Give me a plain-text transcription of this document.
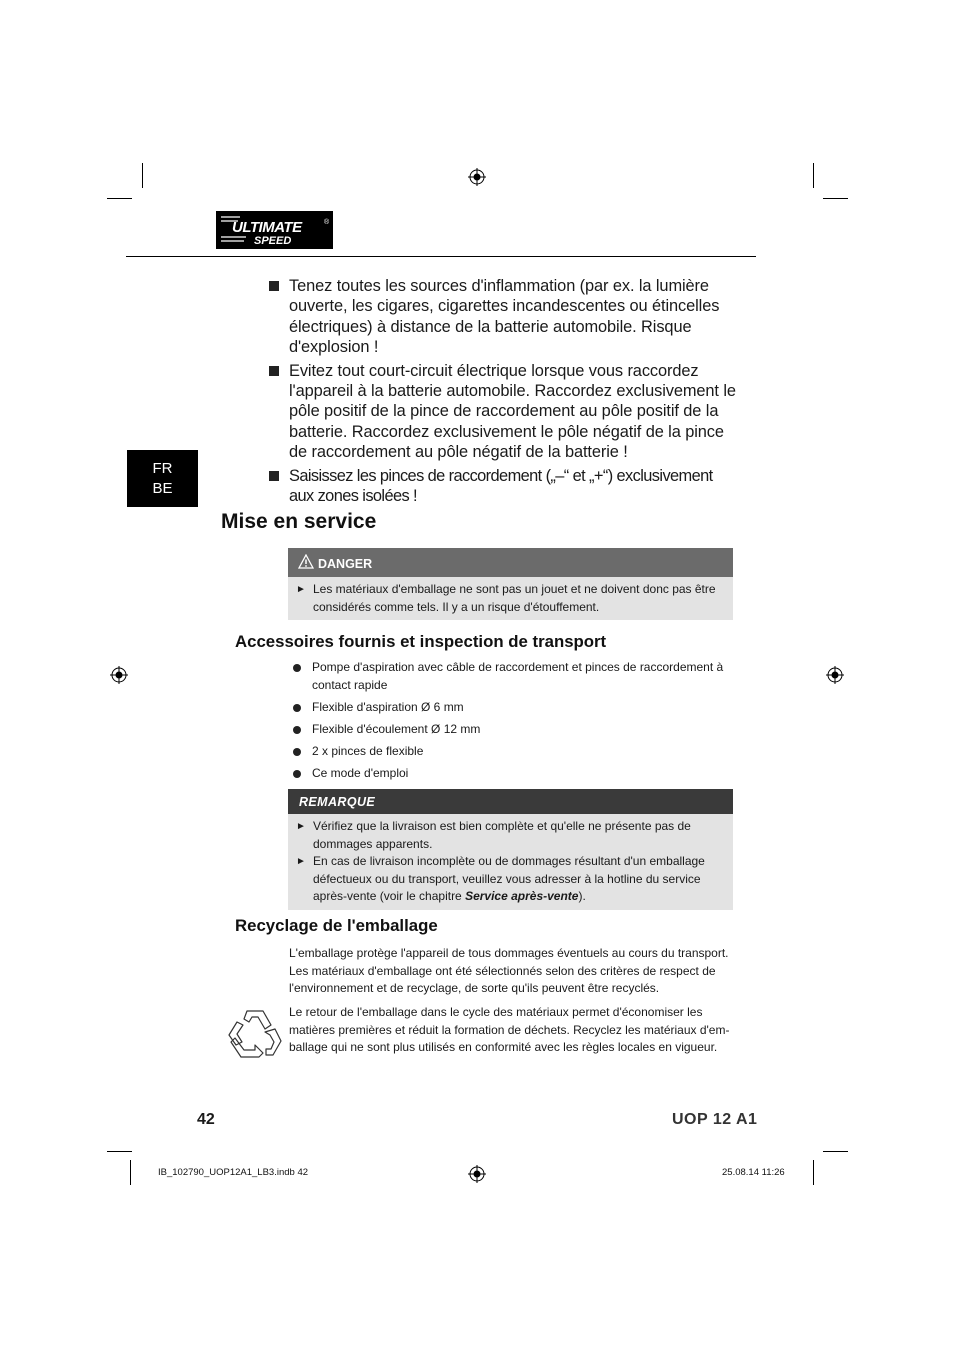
ULTIMATE
SPEED
®
FR
BE
Tenez toutes les sources d'inflammation (par ex. la lumière ouverte, les cigares, cigarettes incandescentes ou étincelles électriques) à distance de la batterie automobile. Risque d'explosion !
Evitez tout court-circuit électrique lorsque vous raccordez l'appareil à la batterie automobile. Raccordez exclusivement le pôle positif de la pince de raccordement au pôle positif de la batterie. Raccordez exclusivement le pôle négatif de la pince de raccordement au pôle négatif de la batterie !
Saisissez les pinces de raccordement („–“ et „+“) exclusivement aux zones isolées !
Mise en service
DANGER
► Les matériaux d'emballage ne sont pas un jouet et ne doivent donc pas être considérés comme tels. Il y a un risque d'étouffement.
Accessoires fournis et inspection de transport
Pompe d'aspiration avec câble de raccordement et pinces de raccordement à contact rapide
Flexible d'aspiration Ø 6 mm
Flexible d'écoulement Ø 12 mm
2 x pinces de flexible
Ce mode d'emploi
REMARQUE
► Vérifiez que la livraison est bien complète et qu'elle ne présente pas de dommages apparents.
► En cas de livraison incomplète ou de dommages résultant d'un emballage défectueux ou du transport, veuillez vous adresser à la hotline du service après-vente (voir le chapitre Service après-vente).
Recyclage de l'emballage
L'emballage protège l'appareil de tous dommages éventuels au cours du transport. Les matériaux d'emballage ont été sélectionnés selon des critères de respect de l'environnement et de recyclage, de sorte qu'ils peuvent être recyclés.
Le retour de l'emballage dans le cycle des matériaux permet d'économiser les matières premières et réduit la formation de déchets. Recyclez les matériaux d'em-ballage qui ne sont plus utilisés en conformité avec les règles locales en vigueur.
42	UOP 12 A1
IB_102790_UOP12A1_LB3.indb 42	25.08.14 11:26
